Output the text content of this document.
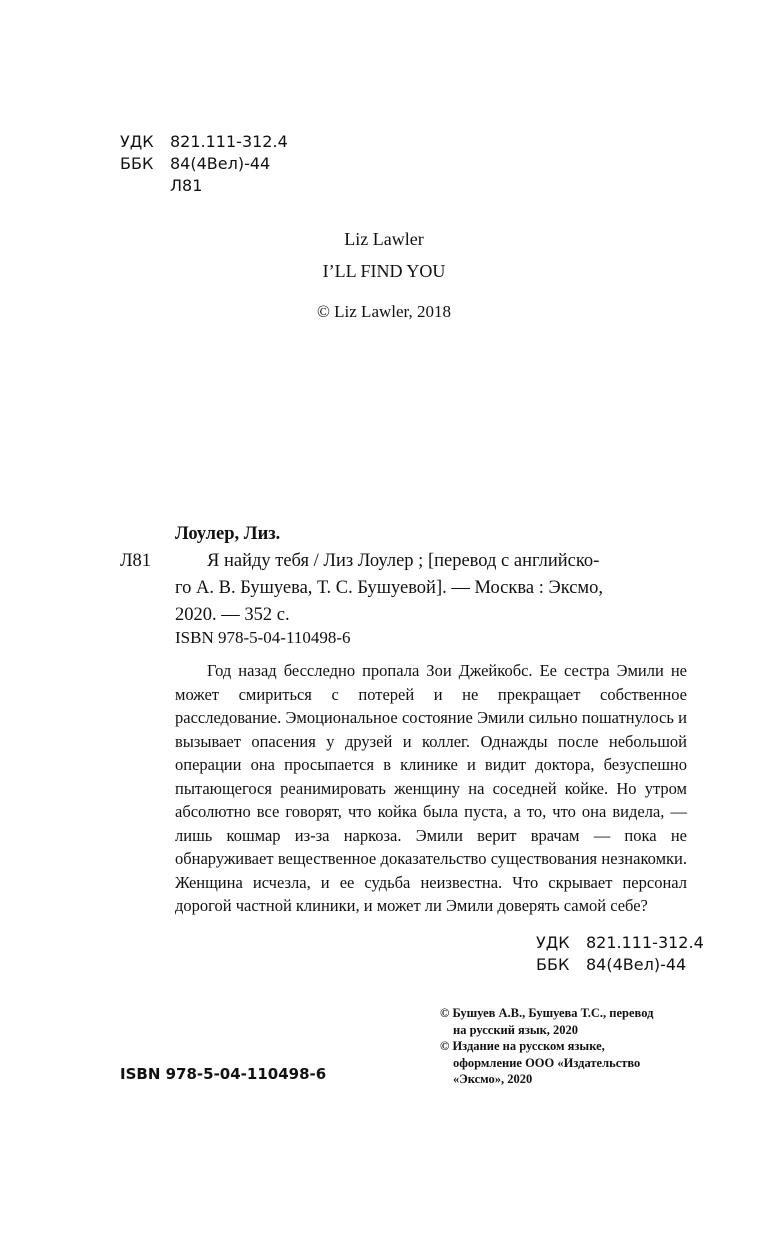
УДК 821.111-312.4
ББК 84(4Вел)-44
Л81
Liz Lawler
I’LL FIND YOU
© Liz Lawler, 2018
Лоулер, Лиз.
Л81	Я найду тебя / Лиз Лоулер ; [перевод с английско-
го А. В. Бушуева, Т. С. Бушуевой]. — Москва : Эксмо,
2020. — 352 с.
ISBN 978-5-04-110498-6

Год назад бесследно пропала Зои Джейкобс. Ее сестра Эмили не может смириться с потерей и не прекращает собственное расследование. Эмоциональное состояние Эмили сильно пошатнулось и вызывает опасения у друзей и коллег. Однажды после небольшой операции она просыпается в клинике и видит доктора, безуспешно пытающегося реанимировать женщину на соседней койке. Но утром абсолютно все говорят, что койка была пуста, а то, что она видела, — лишь кошмар из-за наркоза. Эмили верит врачам — пока не обнаруживает вещественное доказательство существования незнакомки. Женщина исчезла, и ее судьба неизвестна. Что скрывает персонал дорогой частной клиники, и может ли Эмили доверять самой себе?

УДК 821.111-312.4
ББК 84(4Вел)-44
ISBN 978-5-04-110498-6
© Бушуев А.В., Бушуева Т.С., перевод
на русский язык, 2020
© Издание на русском языке,
оформление ООО «Издательство
«Эксмо», 2020
